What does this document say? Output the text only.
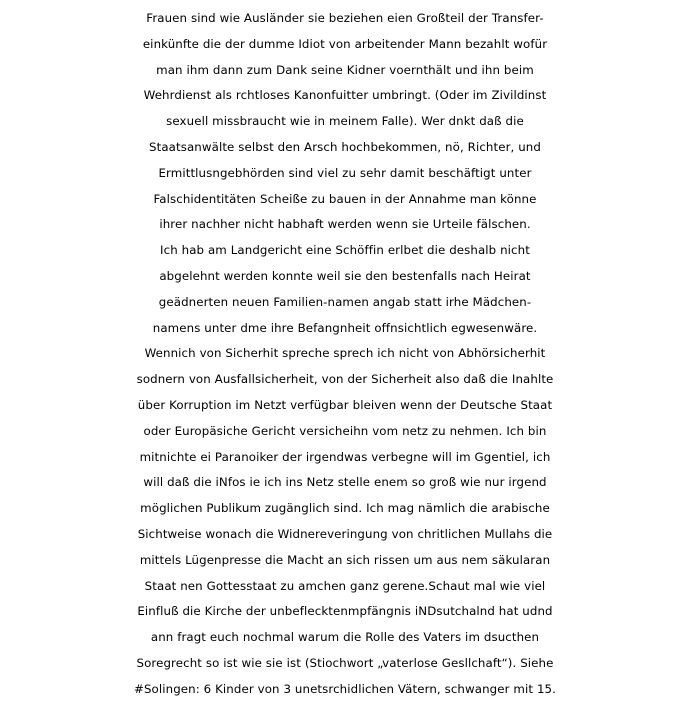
Frauen sind wie Ausländer sie beziehen eien Großteil der Transfer-
einkünfte die der dumme Idiot von arbeitender Mann bezahlt wofür
man ihm dann zum Dank seine Kidner voernthält und ihn beim
Wehrdienst als rchtloses Kanonfuitter umbringt. (Oder im Zivildinst
sexuell missbraucht wie in meinem Falle). Wer dnkt daß die
Staatsanwälte selbst den Arsch hochbekommen, nö, Richter, und
Ermittlusngebhörden sind viel zu sehr damit beschäftigt unter
Falschidentitäten Scheiße zu bauen in der Annahme man könne
ihrer nachher nicht habhaft werden wenn sie Urteile fälschen.
Ich hab am Landgericht eine Schöffin erlbet die deshalb nicht
abgelehnt werden konnte weil sie den bestenfalls nach Heirat
geädnerten neuen Familien-namen angab statt irhe Mädchen-
namens unter dme ihre Befangnheit offnsichtlich egwesenwäre.
Wennich von Sicherhit spreche sprech ich nicht von Abhörsicherhit
sodnern von Ausfallsicherheit, von der Sicherheit also daß die Inahlte
über Korruption im Netzt verfügbar bleiven wenn der Deutsche Staat
oder Europäsiche Gericht versicheihn vom netz zu nehmen. Ich bin
mitnichte ei Paranoiker der irgendwas verbegne will im Ggentiel, ich
will daß die iNfos ie ich ins Netz stelle enem so groß wie nur irgend
möglichen Publikum zugänglich sind. Ich mag nämlich die arabische
Sichtweise wonach die Widnereveringung von chritlichen Mullahs die
mittels Lügenpresse die Macht an sich rissen um aus nem säkularan
Staat nen Gottesstaat zu amchen ganz gerene.Schaut mal wie viel
Einfluß die Kirche der unbeflecktenmpfängnis iNDsutchalnd hat udnd
ann fragt euch nochmal warum die Rolle des Vaters im dsucthen
Soregrecht so ist wie sie ist (Stiochwort „vaterlose Gesllchaft“). Siehe
#Solingen: 6 Kinder von 3 unetsrchidlichen Vätern, schwanger mit 15.
